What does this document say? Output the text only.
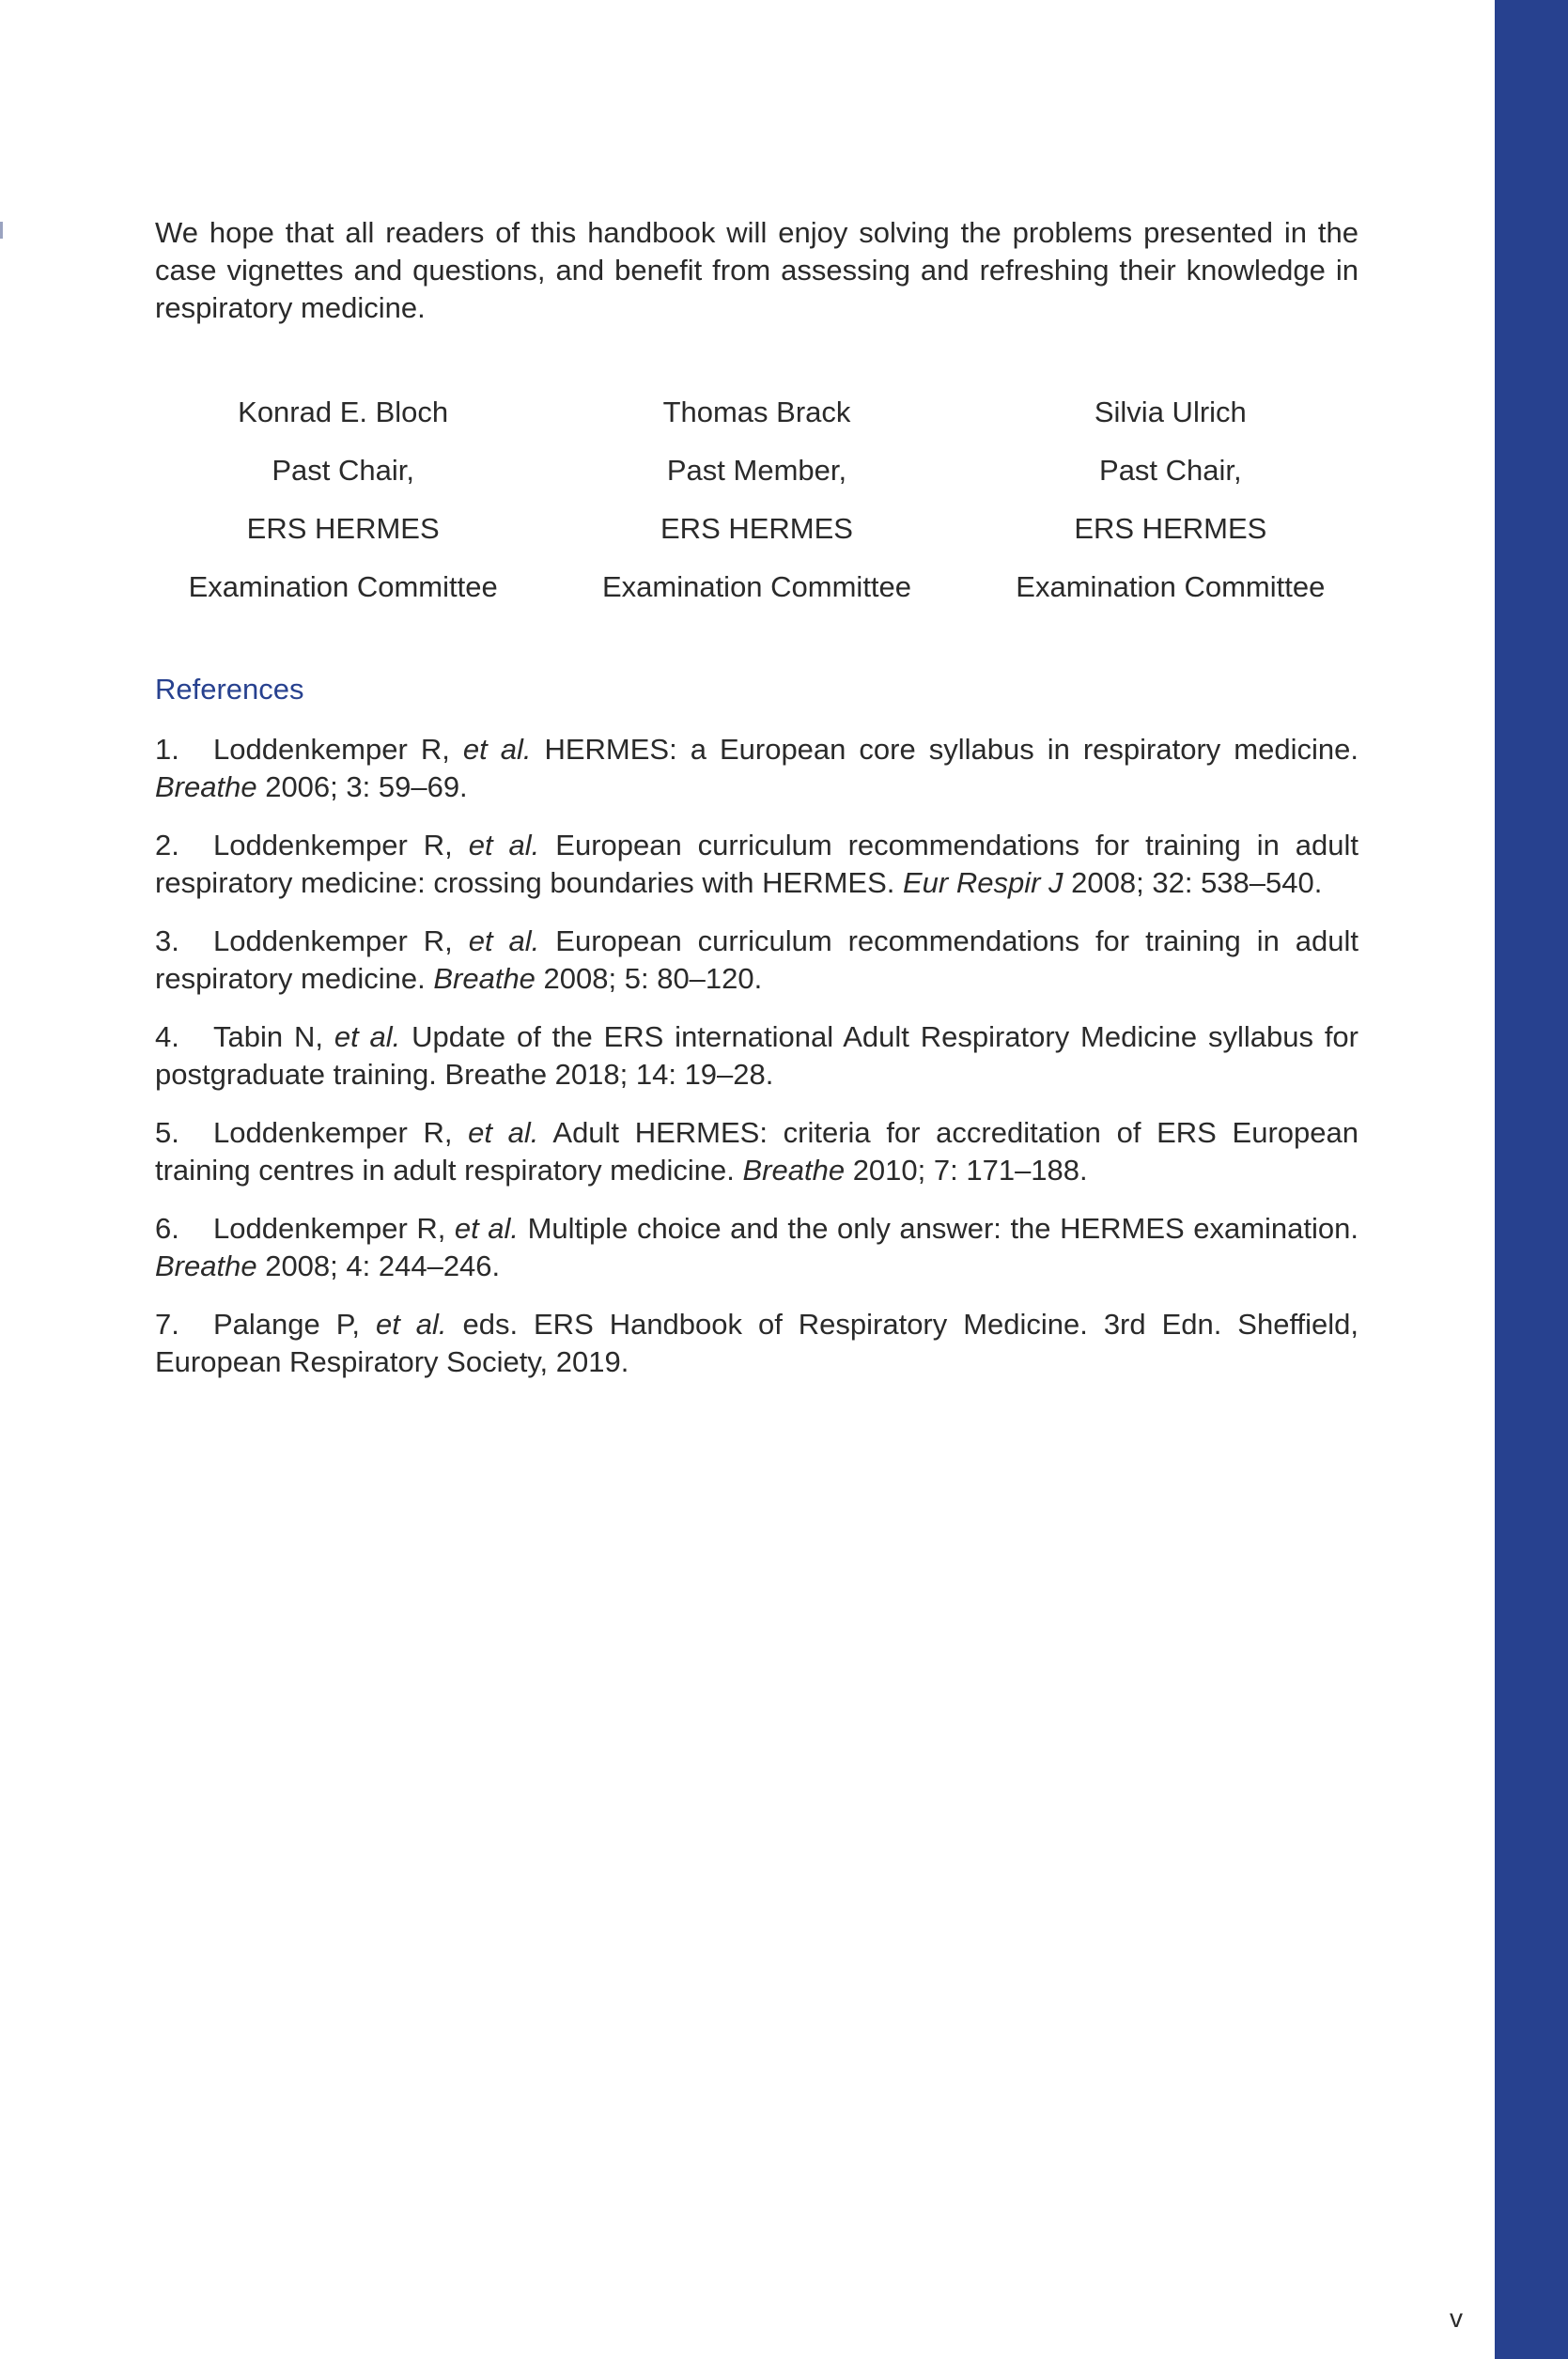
We hope that all readers of this handbook will enjoy solving the problems presented in the case vignettes and questions, and benefit from assessing and refreshing their knowledge in respiratory medicine.

Konrad E. Bloch
Past Chair,
ERS HERMES
Examination Committee
Thomas Brack
Past Member,
ERS HERMES
Examination Committee
Silvia Ulrich
Past Chair,
ERS HERMES
Examination Committee
References

1. Loddenkemper R, et al. HERMES: a European core syllabus in respiratory medicine. Breathe 2006; 3: 59–69.

2. Loddenkemper R, et al. European curriculum recommendations for training in adult respiratory medicine: crossing boundaries with HERMES. Eur Respir J 2008; 32: 538–540.

3. Loddenkemper R, et al. European curriculum recommendations for training in adult respiratory medicine. Breathe 2008; 5: 80–120.

4. Tabin N, et al. Update of the ERS international Adult Respiratory Medicine syllabus for postgraduate training. Breathe 2018; 14: 19–28.

5. Loddenkemper R, et al. Adult HERMES: criteria for accreditation of ERS European training centres in adult respiratory medicine. Breathe 2010; 7: 171–188.

6. Loddenkemper R, et al. Multiple choice and the only answer: the HERMES examination. Breathe 2008; 4: 244–246.

7. Palange P, et al. eds. ERS Handbook of Respiratory Medicine. 3rd Edn. Sheffield, European Respiratory Society, 2019.

v
